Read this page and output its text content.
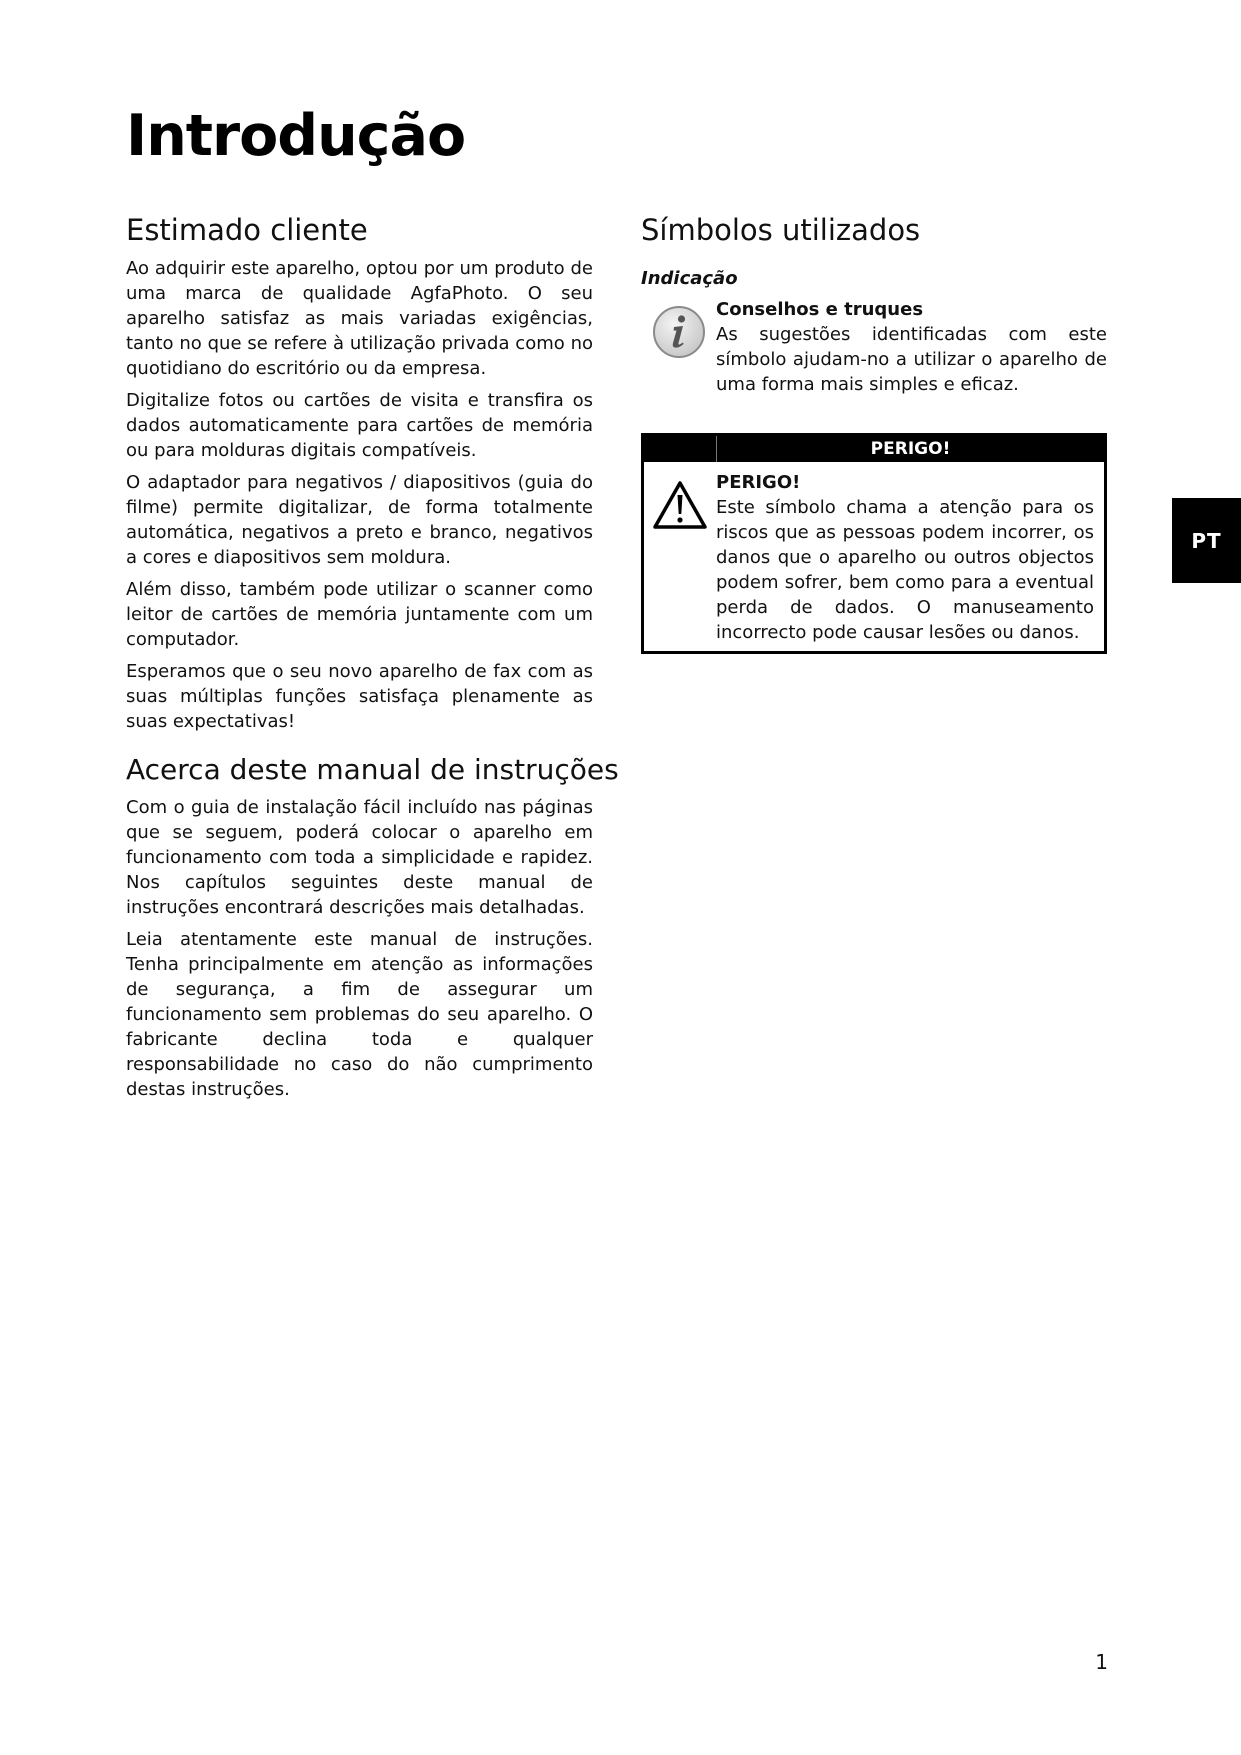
Introdução
Estimado cliente

Ao adquirir este aparelho, optou por um produto de uma marca de qualidade AgfaPhoto. O seu aparelho satisfaz as mais variadas exigências, tanto no que se refere à utilização privada como no quotidiano do escritório ou da empresa.

Digitalize fotos ou cartões de visita e transfira os dados automaticamente para cartões de memória ou para molduras digitais compatíveis.

O adaptador para negativos / diapositivos (guia do filme) permite digitalizar, de forma totalmente automática, negativos a preto e branco, negativos a cores e diapositivos sem moldura.

Além disso, também pode utilizar o scanner como leitor de cartões de memória juntamente com um computador.

Esperamos que o seu novo aparelho de fax com as suas múltiplas funções satisfaça plenamente as suas expectativas!

Acerca deste manual de instruções

Com o guia de instalação fácil incluído nas páginas que se seguem, poderá colocar o aparelho em funcionamento com toda a simplicidade e rapidez. Nos capítulos seguintes deste manual de instruções encontrará descrições mais detalhadas.

Leia atentamente este manual de instruções. Tenha principalmente em atenção as informações de segurança, a fim de assegurar um funcionamento sem problemas do seu aparelho. O fabricante declina toda e qualquer responsabilidade no caso do não cumprimento destas instruções.

Símbolos utilizados
Indicação
Conselhos e truques

As sugestões identificadas com este símbolo ajudam-no a utilizar o aparelho de uma forma mais simples e eficaz.

PERIGO!
PERIGO!

Este símbolo chama a atenção para os riscos que as pessoas podem incorrer, os danos que o aparelho ou outros objectos podem sofrer, bem como para a eventual perda de dados. O manuseamento incorrecto pode causar lesões ou danos.

PT
1
